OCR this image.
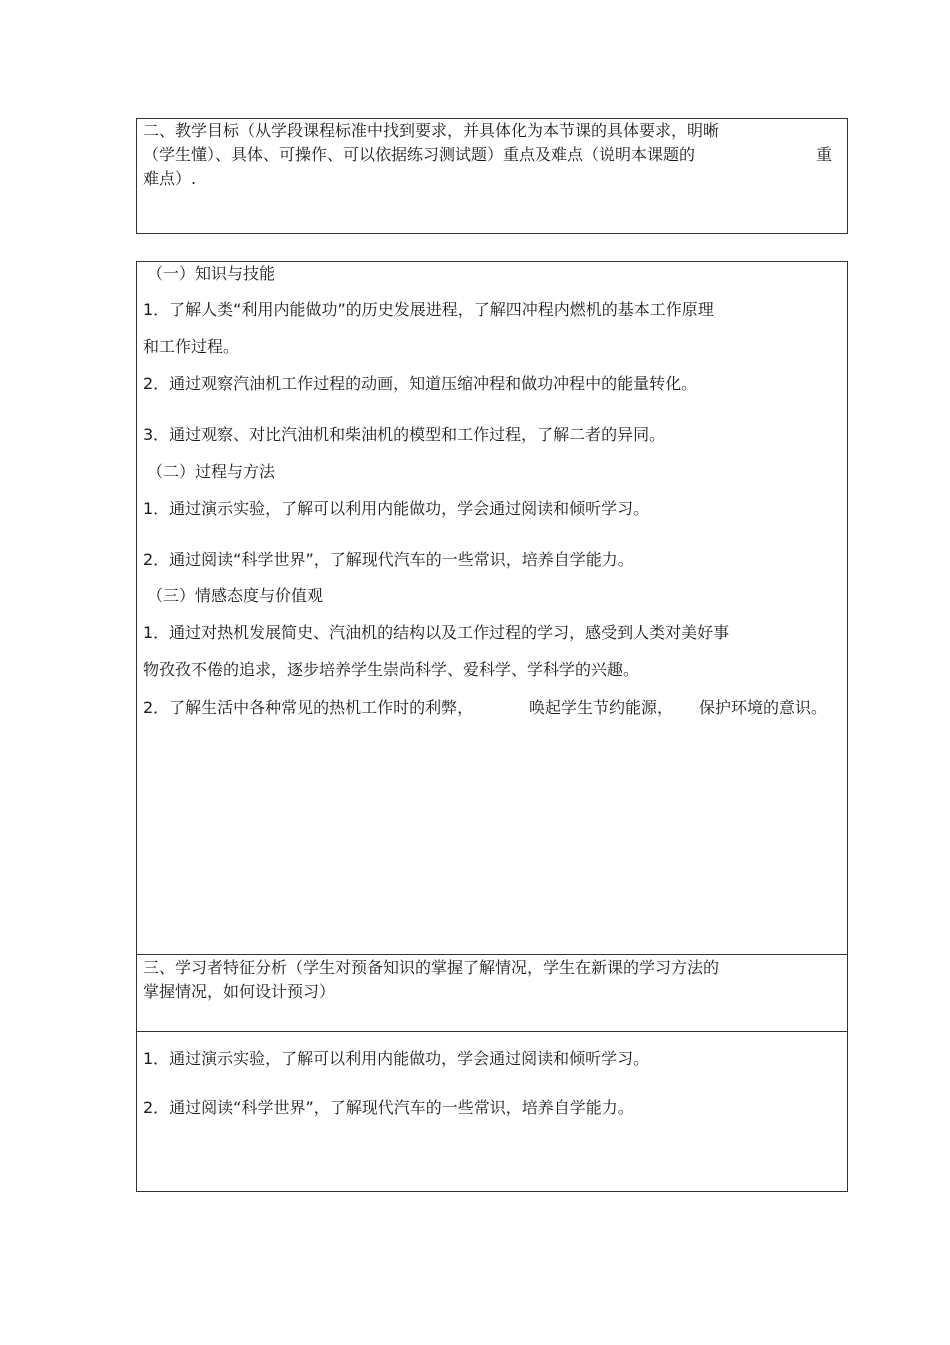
二、教学目标（从学段课程标准中找到要求，并具体化为本节课的具体要求，明晰
（学生懂）、具体、可操作、可以依据练习测试题）重点及难点（说明本课题的	重
难点）.
（一）知识与技能
1．了解人类“利用内能做功”的历史发展进程，了解四冲程内燃机的基本工作原理
和工作过程。
2．通过观察汽油机工作过程的动画，知道压缩冲程和做功冲程中的能量转化。
3．通过观察、对比汽油机和柴油机的模型和工作过程，了解二者的异同。
（二）过程与方法
1．通过演示实验，了解可以利用内能做功，学会通过阅读和倾听学习。
2．通过阅读“科学世界”，了解现代汽车的一些常识，培养自学能力。
（三）情感态度与价值观
1．通过对热机发展简史、汽油机的结构以及工作过程的学习，感受到人类对美好事
物孜孜不倦的追求，逐步培养学生崇尚科学、爱科学、学科学的兴趣。
2．了解生活中各种常见的热机工作时的利弊，	唤起学生节约能源， 保护环境的意识。
三、学习者特征分析（学生对预备知识的掌握了解情况，学生在新课的学习方法的
掌握情况，如何设计预习）
1．通过演示实验，了解可以利用内能做功，学会通过阅读和倾听学习。
2．通过阅读“科学世界”，了解现代汽车的一些常识，培养自学能力。
